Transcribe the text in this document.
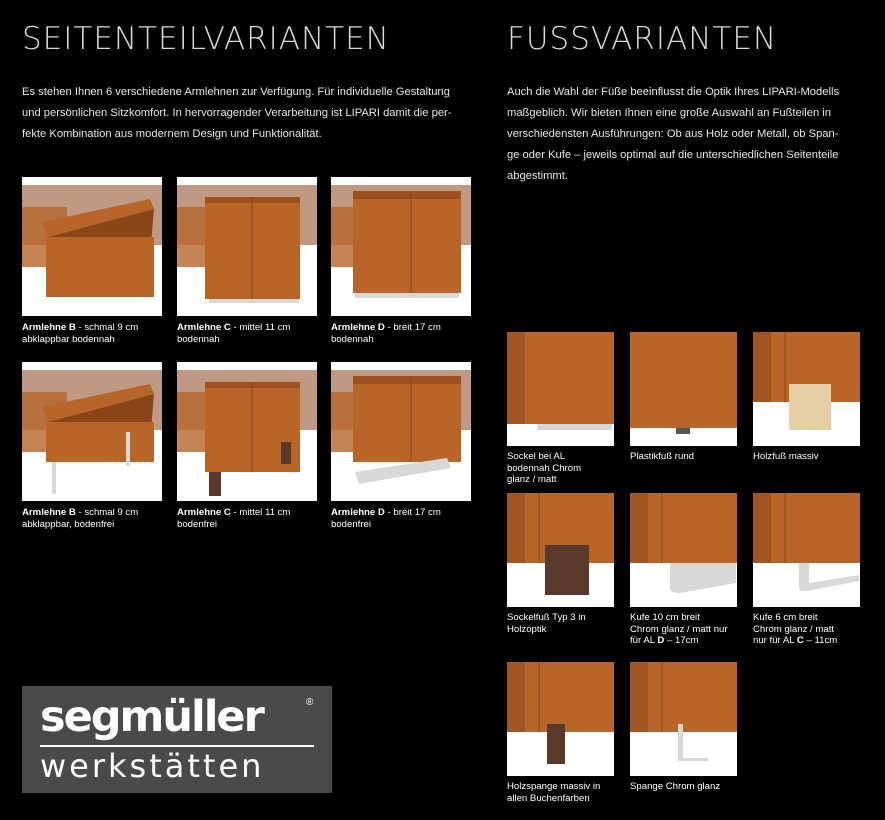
SEITENTEILVARIANTEN

Es stehen Ihnen 6 verschiedene Armlehnen zur Verfügung. Für individuelle Gestaltung
und persönlichen Sitzkomfort. In hervorragender Verarbeitung ist LIPARI damit die per-
fekte Kombination aus modernem Design und Funktionalität.

FUSSVARIANTEN

Auch die Wahl der Füße beeinflusst die Optik Ihres LIPARI-Modells
maßgeblich. Wir bieten Ihnen eine große Auswahl an Fußteilen in
verschiedensten Ausführungen: Ob aus Holz oder Metall, ob Span-
ge oder Kufe – jeweils optimal auf die unterschiedlichen Seitenteile
abgestimmt.

Armlehne B - schmal 9 cm
abklappbar bodennah

Armlehne C - mittel 11 cm
bodennah

Armlehne D - breit 17 cm
bodennah

Armlehne B - schmal 9 cm
abklappbar, bodenfrei

Armlehne C - mittel 11 cm
bodenfrei

Armlehne D - breit 17 cm
bodenfrei

Sockel bei AL
bodennah Chrom
glanz / matt

Plastikfuß rund	Holzfuß massiv

Sockelfuß Typ 3 in
Holzoptik

Kufe 10 cm breit
Chrom glanz / matt nur
für AL D – 17cm

Kufe 6 cm breit
Chrom glanz / matt
nur für AL C – 11cm

Holzspange massiv in
allen Buchenfarben

Spange Chrom glanz

segmüller	®
werkstätten
